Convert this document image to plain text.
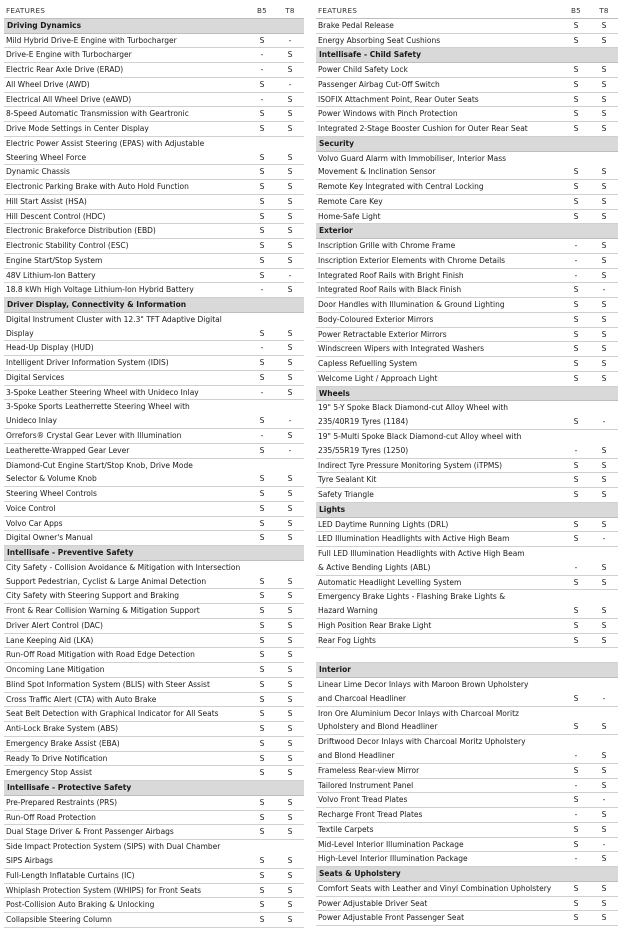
FEATURES	B5	T8
Driving Dynamics
Mild Hybrid Drive-E Engine with Turbocharger	S	-
Drive-E Engine with Turbocharger	-	S
Electric Rear Axle Drive (ERAD)	-	S
All Wheel Drive (AWD)	S	-
Electrical All Wheel Drive (eAWD)	-	S
8-Speed Automatic Transmission with Geartronic	S	S
Drive Mode Settings in Center Display	S	S
Electric Power Assist Steering (EPAS) with Adjustable
Steering Wheel Force	S	S
Dynamic Chassis	S	S
Electronic Parking Brake with Auto Hold Function	S	S
Hill Start Assist (HSA)	S	S
Hill Descent Control (HDC)	S	S
Electronic Brakeforce Distribution (EBD)	S	S
Electronic Stability Control (ESC)	S	S
Engine Start/Stop System	S	S
48V Lithium-Ion Battery	S	-
18.8 kWh High Voltage Lithium-Ion Hybrid Battery	-	S
Driver Display, Connectivity & Information
Digital Instrument Cluster with 12.3" TFT Adaptive Digital
Display	S	S
Head-Up Display (HUD)	-	S
Intelligent Driver Information System (IDIS)	S	S
Digital Services	S	S
3-Spoke Leather Steering Wheel with Unideco Inlay	-	S
3-Spoke Sports Leatherrette Steering Wheel with
Unideco Inlay	S	-
Orrefors® Crystal Gear Lever with Illumination	-	S
Leatherette-Wrapped Gear Lever	S	-
Diamond-Cut Engine Start/Stop Knob, Drive Mode
Selector & Volume Knob	S	S
Steering Wheel Controls	S	S
Voice Control	S	S
Volvo Car Apps	S	S
Digital Owner's Manual	S	S
Intellisafe - Preventive Safety
City Safety - Collision Avoidance & Mitigation with Intersection
Support Pedestrian, Cyclist & Large Animal Detection	S	S
City Safety with Steering Support and Braking	S	S
Front & Rear Collision Warning & Mitigation Support	S	S
Driver Alert Control (DAC)	S	S
Lane Keeping Aid (LKA)	S	S
Run-Off Road Mitigation with Road Edge Detection	S	S
Oncoming Lane Mitigation	S	S
Blind Spot Information System (BLIS) with Steer Assist	S	S
Cross Traffic Alert (CTA) with Auto Brake	S	S
Seat Belt Detection with Graphical Indicator for All Seats	S	S
Anti-Lock Brake System (ABS)	S	S
Emergency Brake Assist (EBA)	S	S
Ready To Drive Notification	S	S
Emergency Stop Assist	S	S
Intellisafe - Protective Safety
Pre-Prepared Restraints (PRS)	S	S
Run-Off Road Protection	S	S
Dual Stage Driver & Front Passenger Airbags	S	S
Side Impact Protection System (SIPS) with Dual Chamber
SIPS Airbags	S	S
Full-Length Inflatable Curtains (IC)	S	S
Whiplash Protection System (WHIPS) for Front Seats	S	S
Post-Collision Auto Braking & Unlocking	S	S
Collapsible Steering Column	S	S
FEATURES	B5	T8
Brake Pedal Release	S	S
Energy Absorbing Seat Cushions	S	S
Intellisafe - Child Safety
Power Child Safety Lock	S	S
Passenger Airbag Cut-Off Switch	S	S
ISOFIX Attachment Point, Rear Outer Seats	S	S
Power Windows with Pinch Protection	S	S
Integrated 2-Stage Booster Cushion for Outer Rear Seat	S	S
Security
Volvo Guard Alarm with Immobiliser, Interior Mass
Movement & Inclination Sensor	S	S
Remote Key Integrated with Central Locking	S	S
Remote Care Key	S	S
Home-Safe Light	S	S
Exterior
Inscription Grille with Chrome Frame	-	S
Inscription Exterior Elements with Chrome Details	-	S
Integrated Roof Rails with Bright Finish	-	S
Integrated Roof Rails with Black Finish	S	-
Door Handles with Illumination & Ground Lighting	S	S
Body-Coloured Exterior Mirrors	S	S
Power Retractable Exterior Mirrors	S	S
Windscreen Wipers with Integrated Washers	S	S
Capless Refuelling System	S	S
Welcome Light / Approach Light	S	S
Wheels
19" 5-Y Spoke Black Diamond-cut Alloy Wheel with
235/40R19 Tyres (1184)	S	-
19" 5-Multi Spoke Black Diamond-cut Alloy wheel with
235/55R19 Tyres (1250)	-	S
Indirect Tyre Pressure Monitoring System (iTPMS)	S	S
Tyre Sealant Kit	S	S
Safety Triangle	S	S
Lights
LED Daytime Running Lights (DRL)	S	S
LED Illumination Headlights with Active High Beam	S	-
Full LED Illumination Headlights with Active High Beam
& Active Bending Lights (ABL)	-	S
Automatic Headlight Levelling System	S	S
Emergency Brake Lights - Flashing Brake Lights &
Hazard Warning	S	S
High Position Rear Brake Light	S	S
Rear Fog Lights	S	S

Interior
Linear Lime Decor Inlays with Maroon Brown Upholstery
and Charcoal Headliner	S	-
Iron Ore Aluminium Decor Inlays with Charcoal Moritz
Upholstery and Blond Headliner	S	S
Driftwood Decor Inlays with Charcoal Moritz Upholstery
and Blond Headliner	-	S
Frameless Rear-view Mirror	S	S
Tailored Instrument Panel	-	S
Volvo Front Tread Plates	S	-
Recharge Front Tread Plates	-	S
Textile Carpets	S	S
Mid-Level Interior Illumination Package	S	-
High-Level Interior Illumination Package	-	S
Seats & Upholstery
Comfort Seats with Leather and Vinyl Combination Upholstery	S	S
Power Adjustable Driver Seat	S	S
Power Adjustable Front Passenger Seat	S	S
